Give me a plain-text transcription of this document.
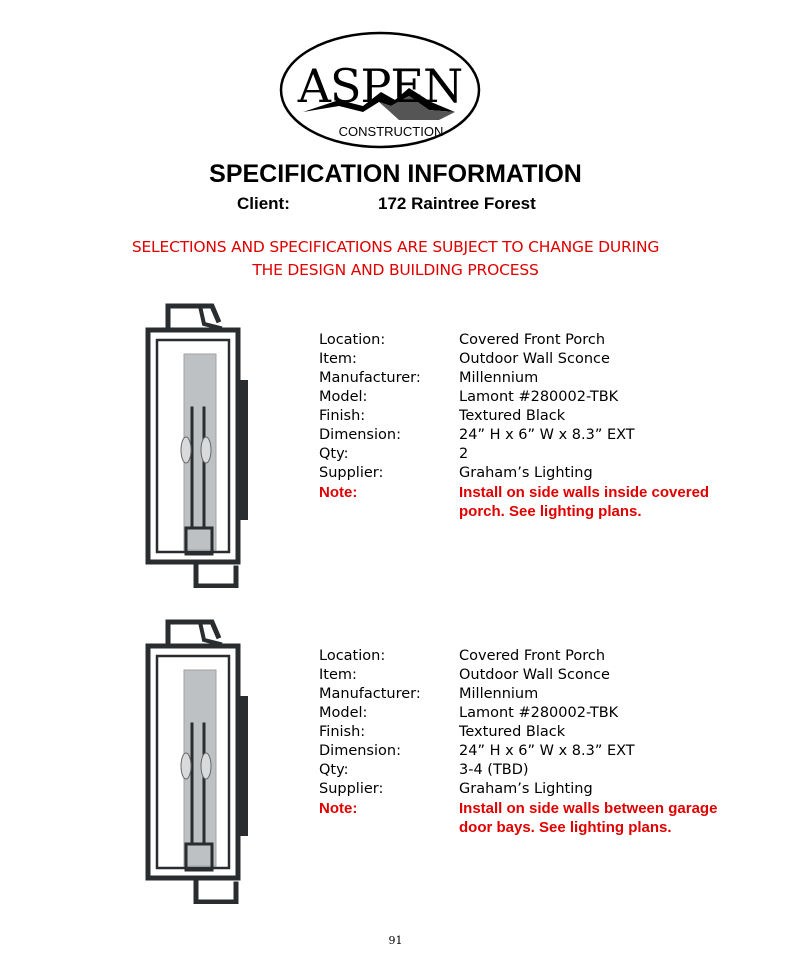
ASPEN
CONSTRUCTION
SPECIFICATION INFORMATION
Client:	172 Raintree Forest
SELECTIONS AND SPECIFICATIONS ARE SUBJECT TO CHANGE DURING
THE DESIGN AND BUILDING PROCESS
Location:	Covered Front Porch
Item:	Outdoor Wall Sconce
Manufacturer:	Millennium
Model:	Lamont #280002-TBK
Finish:	Textured Black
Dimension:	24” H x 6” W x 8.3” EXT
Qty:	2
Supplier:	Graham’s Lighting
Note:	Install on side walls inside covered porch. See lighting plans.
Location:	Covered Front Porch
Item:	Outdoor Wall Sconce
Manufacturer:	Millennium
Model:	Lamont #280002-TBK
Finish:	Textured Black
Dimension:	24” H x 6” W x 8.3” EXT
Qty:	3-4 (TBD)
Supplier:	Graham’s Lighting
Note:	Install on side walls between garage door bays. See lighting plans.
91
